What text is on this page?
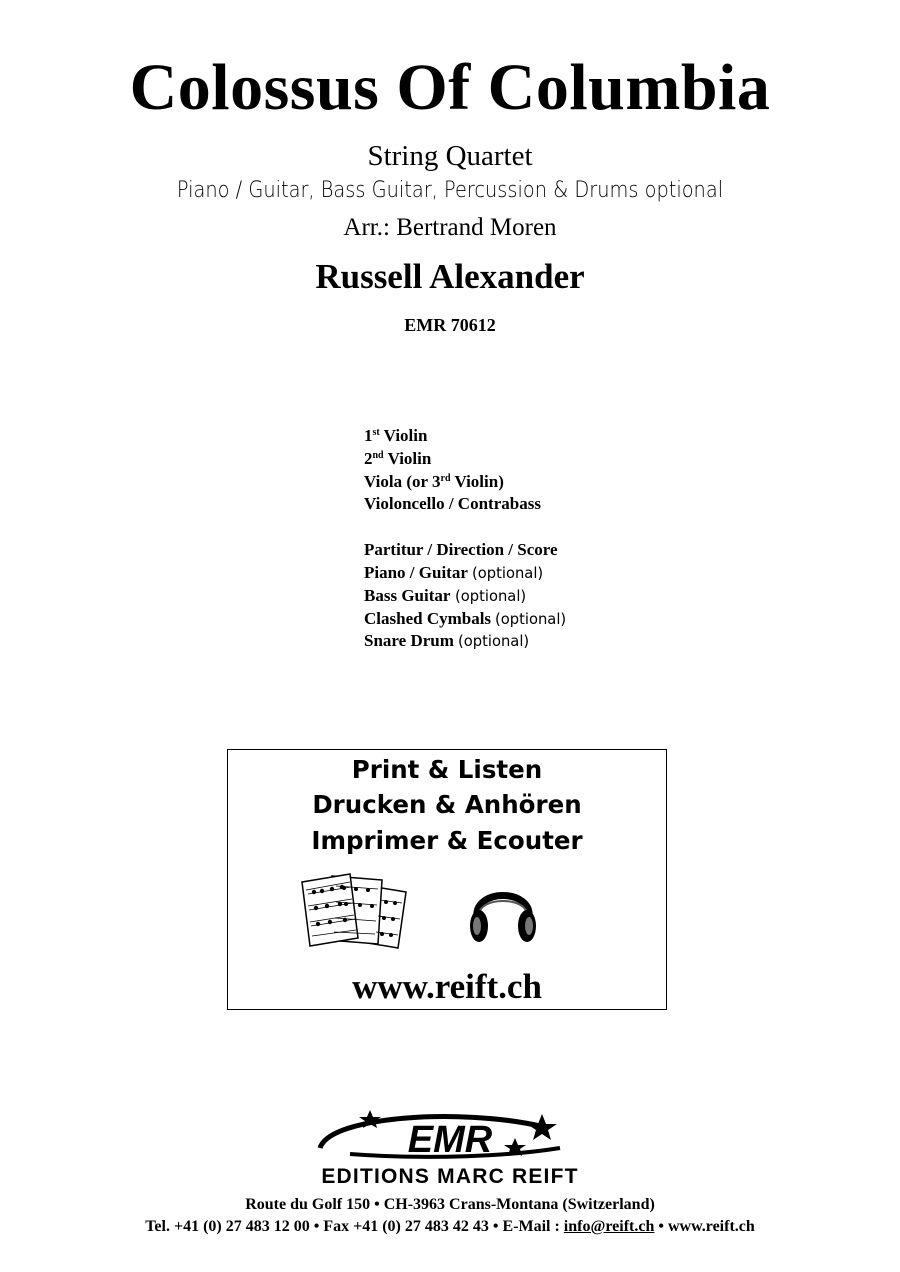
Colossus Of Columbia
String Quartet
Piano / Guitar, Bass Guitar, Percussion & Drums optional
Arr.: Bertrand Moren
Russell Alexander
EMR 70612
1st Violin
2nd Violin
Viola (or 3rd Violin)
Violoncello / Contrabass
Partitur / Direction / Score
Piano / Guitar (optional)
Bass Guitar (optional)
Clashed Cymbals (optional)
Snare Drum (optional)
Print & Listen
Drucken & Anhören
Imprimer & Ecouter
www.reift.ch
EMR
EDITIONS MARC REIFT
Route du Golf 150 • CH-3963 Crans-Montana (Switzerland)
Tel. +41 (0) 27 483 12 00 • Fax +41 (0) 27 483 42 43 • E-Mail : info@reift.ch • www.reift.ch
